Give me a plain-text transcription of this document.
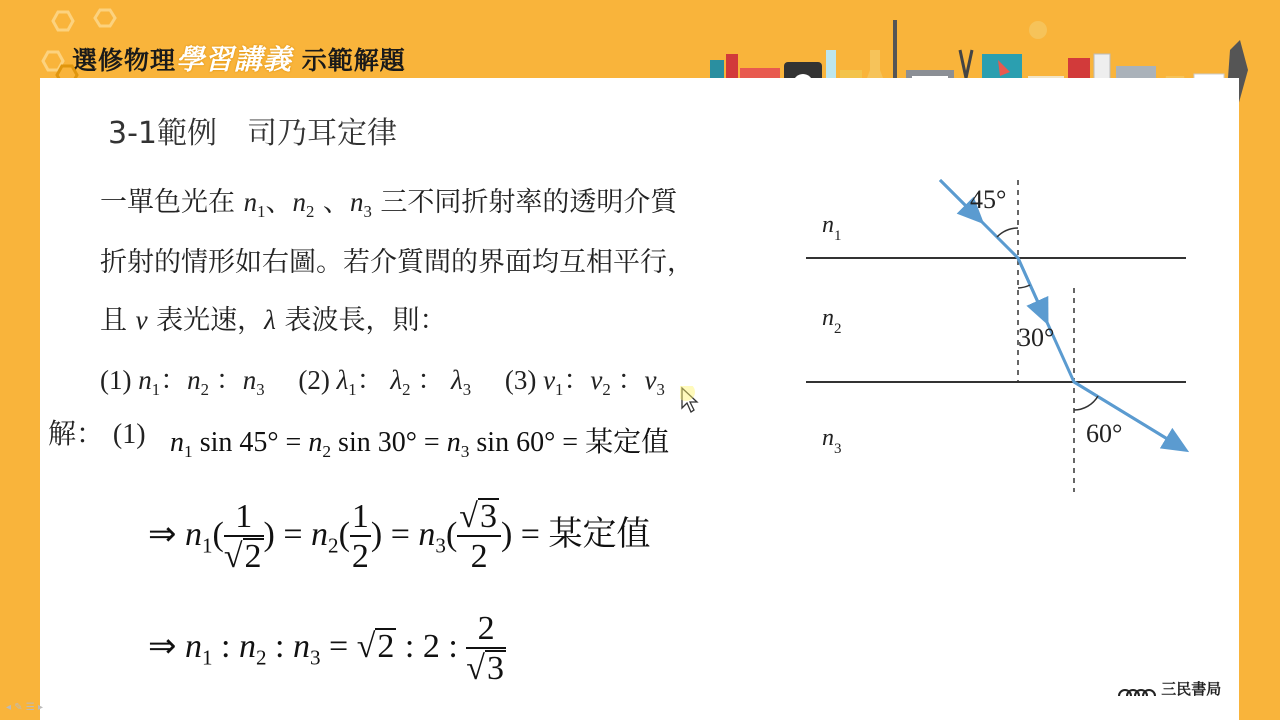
選修物理學習講義 示範解題
3-1範例　司乃耳定律
一單色光在 $n_1$、$n_2$ 、$n_3$ 三不同折射率的透明介質
折射的情形如右圖。若介質間的界面均互相平行，
且 v 表光速，λ 表波長，則：
(1) $n_1$：$n_2$ ：$n_3$ (2) $\lambda_1$： $\lambda_2$ ： $\lambda_3$ (3) $v_1$：$v_2$ ：$v_3$
解： (1) $n_1$ $\sin 45^\circ = n_2$ $\sin 30^\circ = n_3$ sin 60° = 某定值
⇒ $n_1( \frac{1}{√2}$ ) = $n_2( \frac{1}{2}$ ) = $n_3( \frac{√3}{2}$ ) = 某定值
⇒ $n_1$ : $n_2$ : $n_3 = √2$ : 2 : $\frac{2}{√3}$
45°
30°
60°
$n_1$
$n_2$
$n_3$
三民書局
◂ ✎ ☰ ▸
